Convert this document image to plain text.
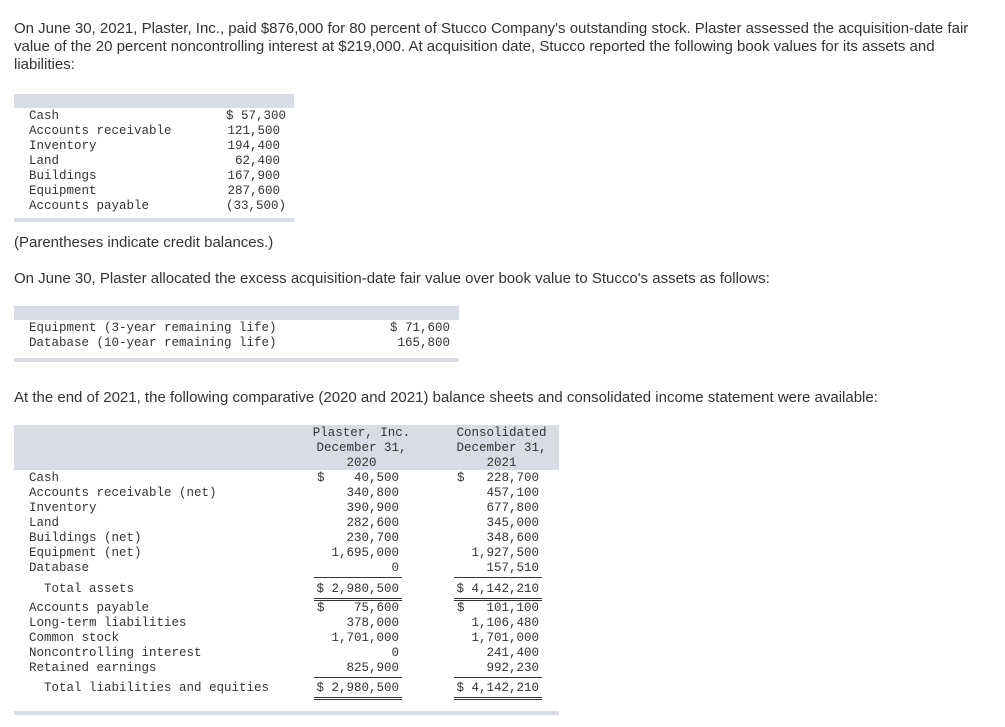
On June 30, 2021, Plaster, Inc., paid $876,000 for 80 percent of Stucco Company's outstanding stock. Plaster assessed the acquisition-date fair value of the 20 percent noncontrolling interest at $219,000. At acquisition date, Stucco reported the following book values for its assets and liabilities:
Cash	$ 57,300
Accounts receivable	121,500
Inventory	194,400
Land	62,400
Buildings	167,900
Equipment	287,600
Accounts payable	(33,500)
(Parentheses indicate credit balances.)
On June 30, Plaster allocated the excess acquisition-date fair value over book value to Stucco's assets as follows:
Equipment (3-year remaining life)	$ 71,600
Database (10-year remaining life)	165,800
At the end of 2021, the following comparative (2020 and 2021) balance sheets and consolidated income statement were available:
Plaster, Inc.
December 31,
2020
Consolidated
December 31,
2021
Cash	$	40,500	$	228,700
Accounts receivable (net)	340,800	457,100
Inventory	390,900	677,800
Land	282,600	345,000
Buildings (net)	230,700	348,600
Equipment (net)	1,695,000	1,927,500
Database	0	157,510
Total assets	$ 2,980,500	$ 4,142,210
Accounts payable	$	75,600	$	101,100
Long-term liabilities	378,000	1,106,480
Common stock	1,701,000	1,701,000
Noncontrolling interest	0	241,400
Retained earnings	825,900	992,230
Total liabilities and equities	$ 2,980,500	$ 4,142,210
